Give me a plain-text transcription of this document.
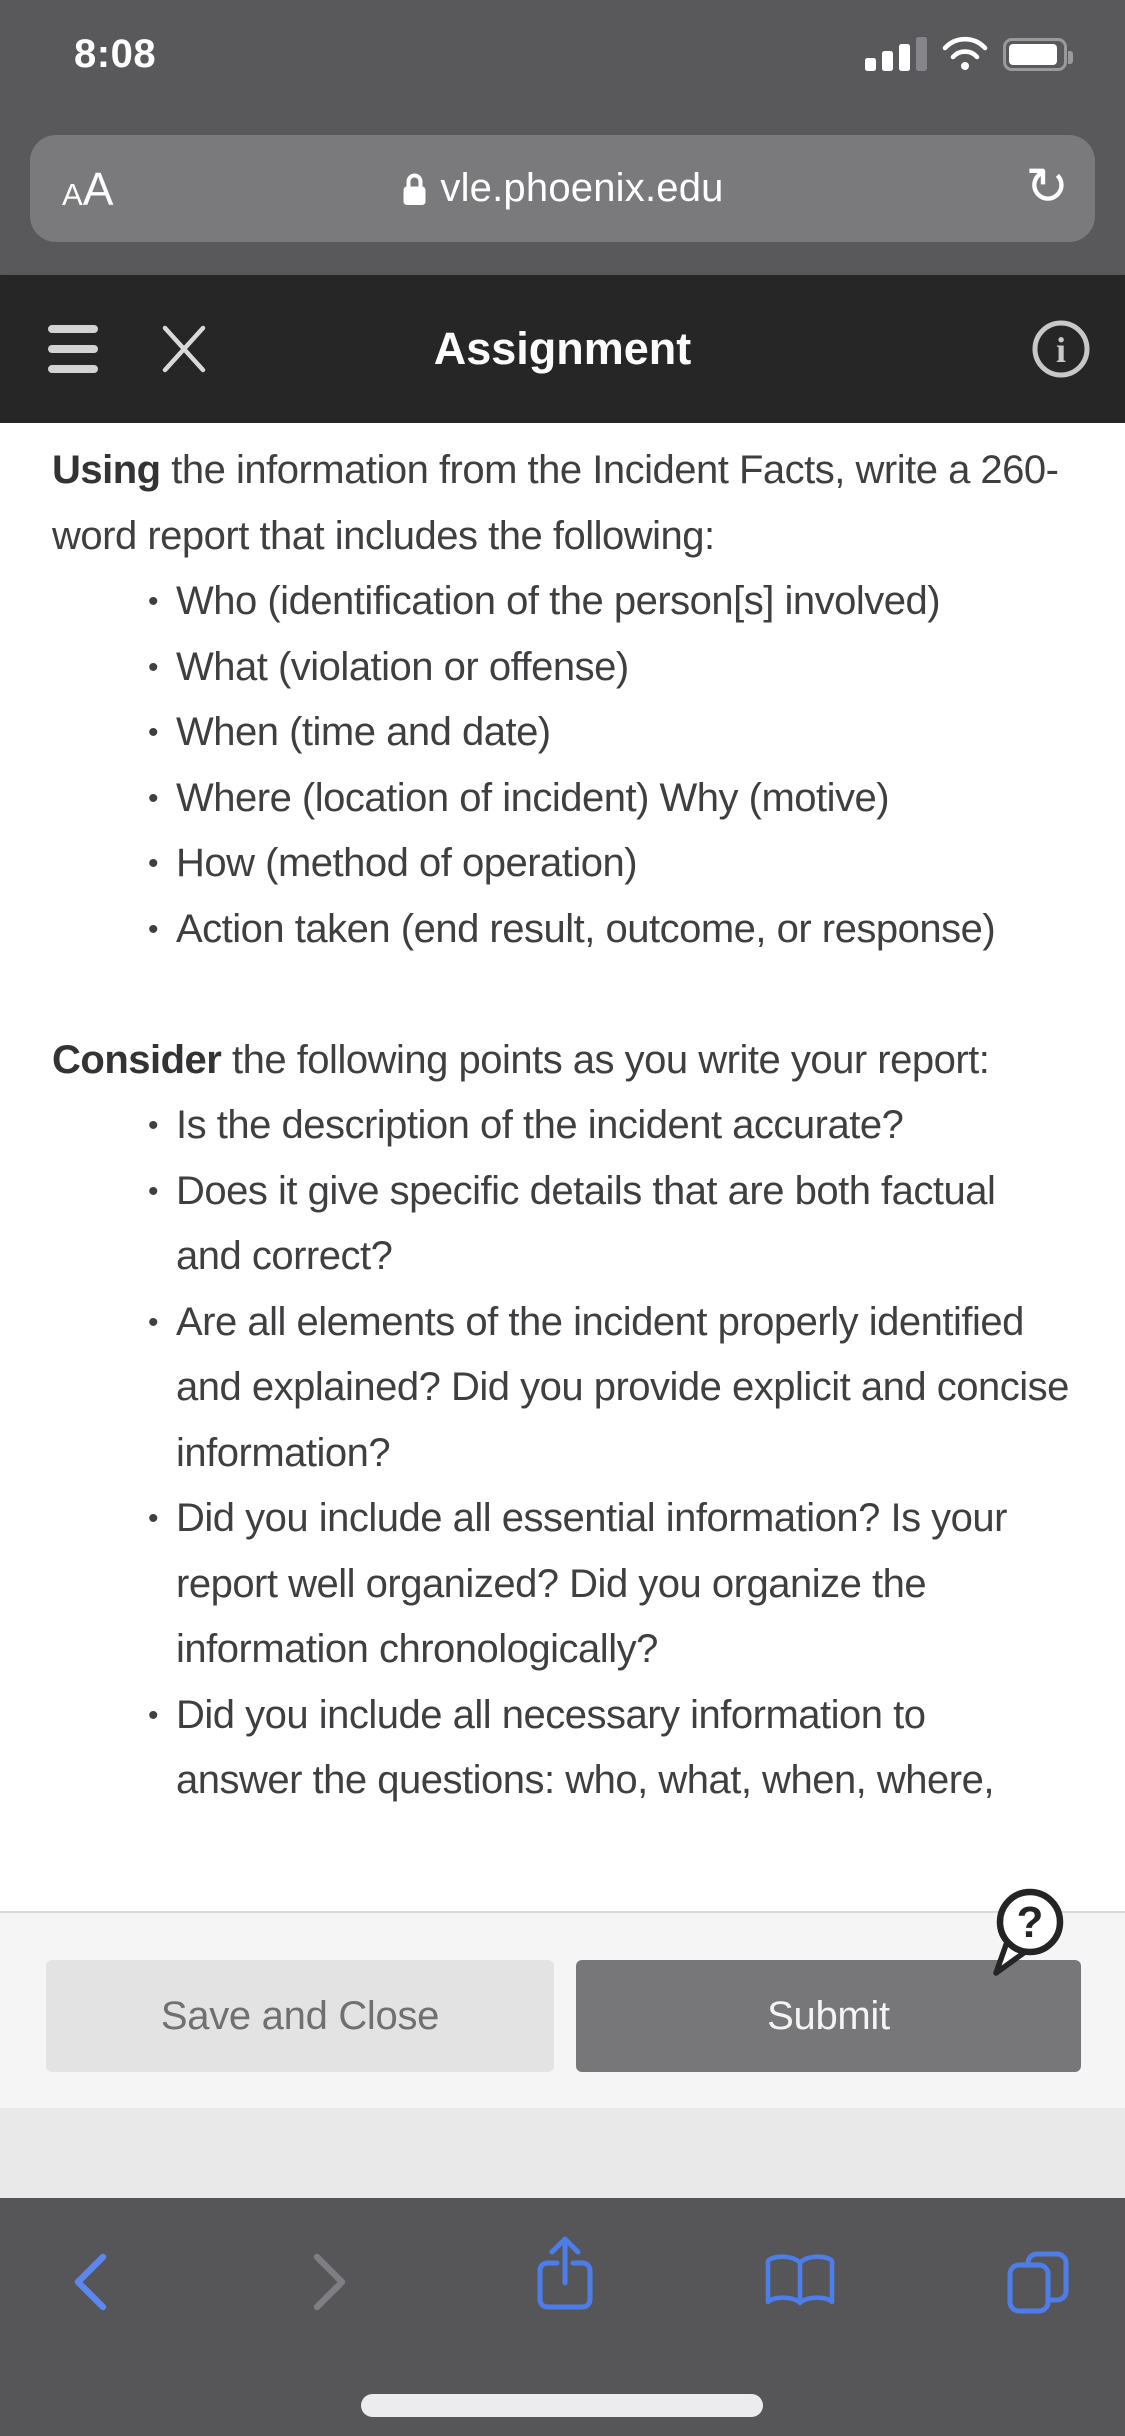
8:08
A A	vle.phoenix.edu	↻
Assignment	i

Using the information from the Incident Facts, write a 260-word report that includes the following:

• Who (identification of the person[s] involved)
• What (violation or offense)
• When (time and date)
• Where (location of incident) Why (motive)
• How (method of operation)
• Action taken (end result, outcome, or response)

Consider the following points as you write your report:

• Is the description of the incident accurate?
• Does it give specific details that are both factual and correct?
• Are all elements of the incident properly identified and explained? Did you provide explicit and concise information?
• Did you include all essential information? Is your report well organized? Did you organize the information chronologically?
• Did you include all necessary information to
answer the questions: who, what, when, where,
?
Save and Close	Submit
